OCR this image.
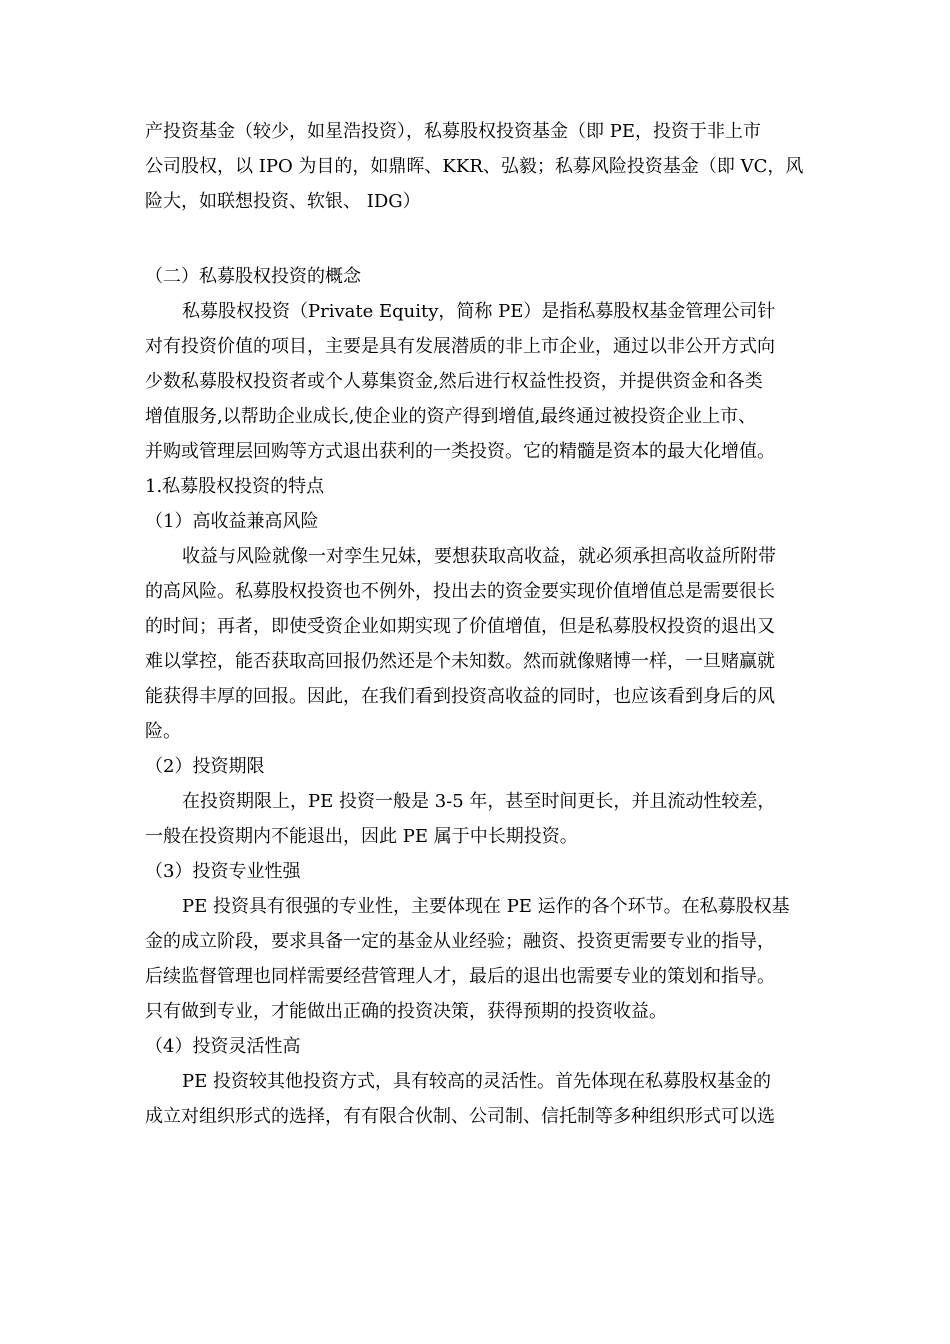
产投资基金（较少，如星浩投资），私募股权投资基金（即 PE，投资于非上市
公司股权，以 IPO 为目的，如鼎晖、KKR、弘毅；私募风险投资基金（即 VC，风
险大，如联想投资、软银、 IDG）
（二）私募股权投资的概念
私募股权投资（Private Equity，简称 PE）是指私募股权基金管理公司针
对有投资价值的项目，主要是具有发展潜质的非上市企业，通过以非公开方式向
少数私募股权投资者或个人募集资金,然后进行权益性投资，并提供资金和各类
增值服务,以帮助企业成长,使企业的资产得到增值,最终通过被投资企业上市、
并购或管理层回购等方式退出获利的一类投资。它的精髓是资本的最大化增值。
1.私募股权投资的特点
（1）高收益兼高风险
收益与风险就像一对孪生兄妹，要想获取高收益，就必须承担高收益所附带
的高风险。私募股权投资也不例外，投出去的资金要实现价值增值总是需要很长
的时间；再者，即使受资企业如期实现了价值增值，但是私募股权投资的退出又
难以掌控，能否获取高回报仍然还是个未知数。然而就像赌博一样，一旦赌赢就
能获得丰厚的回报。因此，在我们看到投资高收益的同时，也应该看到身后的风
险。
（2）投资期限
在投资期限上，PE 投资一般是 3-5 年，甚至时间更长，并且流动性较差，
一般在投资期内不能退出，因此 PE 属于中长期投资。
（3）投资专业性强
PE 投资具有很强的专业性，主要体现在 PE 运作的各个环节。在私募股权基
金的成立阶段，要求具备一定的基金从业经验；融资、投资更需要专业的指导，
后续监督管理也同样需要经营管理人才，最后的退出也需要专业的策划和指导。
只有做到专业，才能做出正确的投资决策，获得预期的投资收益。
（4）投资灵活性高
PE 投资较其他投资方式，具有较高的灵活性。首先体现在私募股权基金的
成立对组织形式的选择，有有限合伙制、公司制、信托制等多种组织形式可以选
